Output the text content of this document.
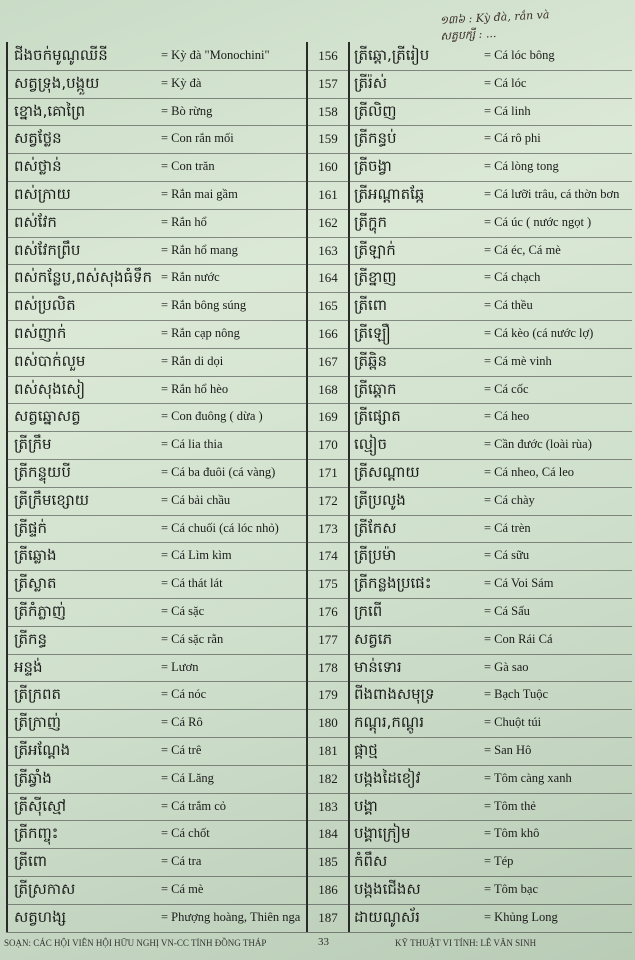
១៣៦ : Kỳ đà, rắn và
សត្វបក្សី : ...
ជីងចក់មូណូឈីនី	= Kỳ đà "Monochini"	156	ត្រីឆ្តោ,ត្រីរៀប	= Cá lóc bông
សត្វទ្រុង,បង្កួយ	= Kỳ đà	157	ត្រីរ៉ស់	= Cá lóc
ខ្នោង,គោព្រៃ	= Bò rừng	158	ត្រីលិញ	= Cá linh
សត្វថ្លែន	= Con rắn mối	159	ត្រីកន្ធប់	= Cá rô phi
ពស់ថ្លាន់	= Con trăn	160	ត្រីចង្វា	= Cá lòng tong
ពស់ក្រាយ	= Rắn mai gầm	161	ត្រីអណ្តាតឆ្កែ	= Cá lưỡi trâu, cá thờn bơn
ពស់វែក	= Rắn hổ	162	ត្រីក្ហុក	= Cá úc ( nước ngọt )
ពស់វែកព្រឹប	= Rắn hổ mang	163	ត្រីឡាក់	= Cá éc, Cá mè
ពស់កន្លែប,ពស់សុងធំទឹក = Rắn nước	164	ត្រីខ្នាញ	= Cá chạch
ពស់ប្រលិត	= Rắn bông súng	165	ត្រីពោ	= Cá thều
ពស់ញាក់	= Rắn cạp nông	166	ត្រីឡឿ	= Cá kèo (cá nước lợ)
ពស់បាក់លួម	= Rắn di dọi	167	ត្រីឆ្ពិន	= Cá mè vinh
ពស់សុងសៀ	= Rắn hổ hèo	168	ត្រីឆ្តោក	= Cá cốc
សត្វឆ្នោសត្វ	= Con đuông ( dừa )	169	ត្រីផ្សោត	= Cá heo
ត្រីក្រឹម	= Cá lia thia	170	ល្មៀច	= Cần đước (loài rùa)
ត្រីកន្ទុយបី	= Cá ba đuôi (cá vàng)	171	ត្រីសណ្តាយ	= Cá nheo, Cá leo
ត្រីក្រឹមខ្សោយ	= Cá bải chầu	172	ត្រីប្រលូង	= Cá chày
ត្រីផ្ទក់	= Cá chuối (cá lóc nhỏ)	173	ត្រីកែស	= Cá trèn
ត្រីឆ្លោង	= Cá Lìm kìm	174	ត្រីប្រម៉ា	= Cá sữu
ត្រីស្លាត	= Cá thát lát	175	ត្រីកន្លងប្រផេះ	= Cá Voi Sám
ត្រីកំភ្លាញ់	= Cá sặc	176	ក្រពើ	= Cá Sấu
ត្រីកន្ធ	= Cá sặc rằn	177	សត្វភេ	= Con Rái Cá
អន្ទង់	= Lươn	178	មាន់ទោរ	= Gà sao
ត្រីក្រពត	= Cá nóc	179	ពីងពាងសមុទ្រ	= Bạch Tuộc
ត្រីក្រាញ់	= Cá Rô	180	កណ្តុរ,កណ្តូរ	= Chuột túi
ត្រីអណ្តែង	= Cá trê	181	ផ្កាថ្ម	= San Hô
ត្រីឆ្វាំង	= Cá Lăng	182	បង្កងដៃខៀវ	= Tôm càng xanh
ត្រីស៊ីស្មៅ	= Cá trắm cỏ	183	បង្គា	= Tôm thẻ
ត្រីកញ្ចុះ	= Cá chốt	184	បង្គាក្រៀម	= Tôm khô
ត្រីពោ	= Cá tra	185	កំពឹស	= Tép
ត្រីស្រកាស	= Cá mè	186	បង្កងជើងស	= Tôm bạc
សត្វហង្ស	= Phượng hoàng, Thiên nga	187	ដាយណូស័រ	= Khủng Long
SOẠN: CÁC HỘI VIÊN HỘI HỮU NGHỊ VN-CC TỈNH ĐỒNG THÁP	33	KỸ THUẬT VI TÍNH: LÊ VĂN SINH
